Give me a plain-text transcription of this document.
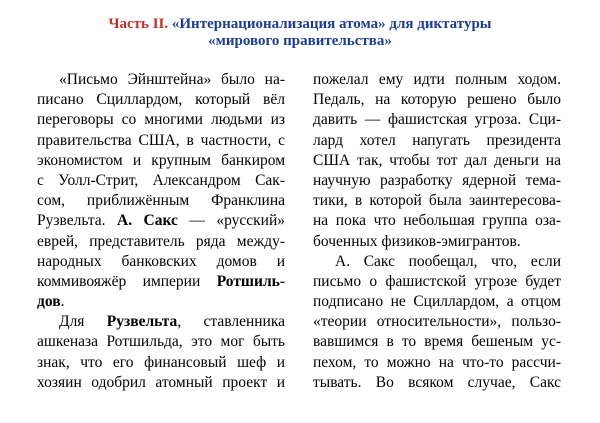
Часть II. «Интернационализация атома» для диктатуры
«мирового правительства»
«Письмо Эйнштейна» было на-
писано Сциллардом, который вёл
переговоры со многими людьми из
правительства США, в частности, с
экономистом и крупным банкиром
с Уолл-Стрит, Александром Сак-
сом, приближённым Франклина
Рузвельта. А. Сакс — «русский»
еврей, представитель ряда между-
народных банковских домов и
коммивояжёр империи Ротшиль-
дов.
Для Рузвельта, ставленника
ашкеназа Ротшильда, это мог быть
знак, что его финансовый шеф и
хозяин одобрил атомный проект и
пожелал ему идти полным ходом.
Педаль, на которую решено было
давить — фашистская угроза. Сци-
лард хотел напугать президента
США так, чтобы тот дал деньги на
научную разработку ядерной тема-
тики, в которой была заинтересова-
на пока что небольшая группа оза-
боченных физиков-эмигрантов.
А. Сакс пообещал, что, если
письмо о фашистской угрозе будет
подписано не Сциллардом, а отцом
«теории относительности», пользо-
вавшимся в то время бешеным ус-
пехом, то можно на что-то рассчи-
тывать. Во всяком случае, Сакс
